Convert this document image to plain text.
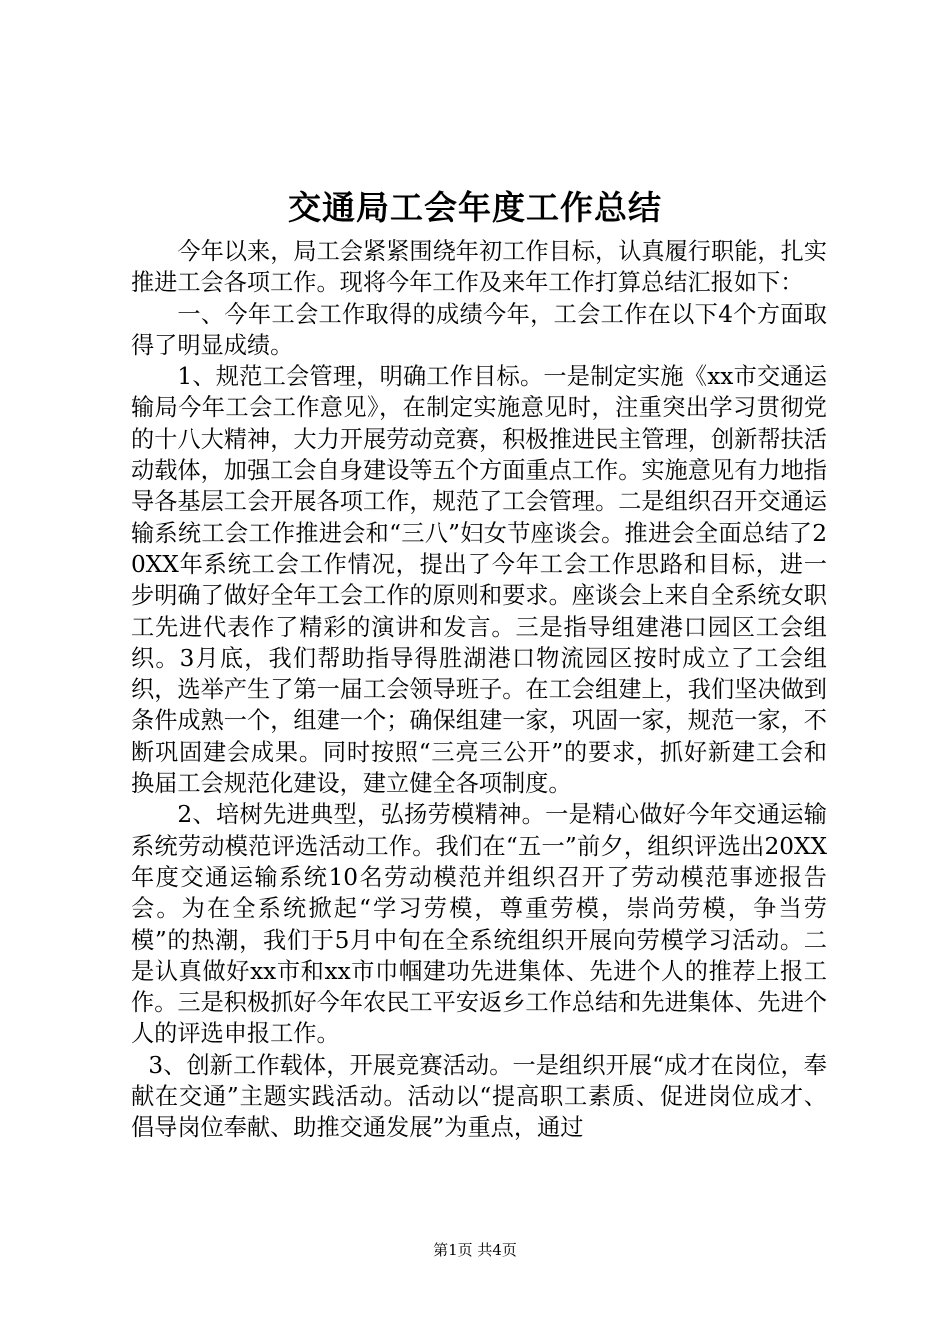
交通局工会年度工作总结

今年以来，局工会紧紧围绕年初工作目标，认真履行职能，扎实推进工会各项工作。现将今年工作及来年工作打算总结汇报如下：

一、今年工会工作取得的成绩今年，工会工作在以下4个方面取得了明显成绩。

1、规范工会管理，明确工作目标。一是制定实施《xx市交通运输局今年工会工作意见》，在制定实施意见时，注重突出学习贯彻党的十八大精神，大力开展劳动竞赛，积极推进民主管理，创新帮扶活动载体，加强工会自身建设等五个方面重点工作。实施意见有力地指导各基层工会开展各项工作，规范了工会管理。二是组织召开交通运输系统工会工作推进会和“三八”妇女节座谈会。推进会全面总结了20XX年系统工会工作情况，提出了今年工会工作思路和目标，进一步明确了做好全年工会工作的原则和要求。座谈会上来自全系统女职工先进代表作了精彩的演讲和发言。三是指导组建港口园区工会组织。3月底，我们帮助指导得胜湖港口物流园区按时成立了工会组织，选举产生了第一届工会领导班子。在工会组建上，我们坚决做到条件成熟一个，组建一个；确保组建一家，巩固一家，规范一家，不断巩固建会成果。同时按照“三亮三公开”的要求，抓好新建工会和换届工会规范化建设，建立健全各项制度。

2、培树先进典型，弘扬劳模精神。一是精心做好今年交通运输系统劳动模范评选活动工作。我们在“五一”前夕，组织评选出20XX年度交通运输系统10名劳动模范并组织召开了劳动模范事迹报告会。为在全系统掀起“学习劳模，尊重劳模，崇尚劳模，争当劳模”的热潮，我们于5月中旬在全系统组织开展向劳模学习活动。二是认真做好xx市和xx市巾帼建功先进集体、先进个人的推荐上报工作。三是积极抓好今年农民工平安返乡工作总结和先进集体、先进个人的评选申报工作。

3、创新工作载体，开展竞赛活动。一是组织开展“成才在岗位，奉献在交通”主题实践活动。活动以“提高职工素质、促进岗位成才、倡导岗位奉献、助推交通发展”为重点，通过

第1页 共4页
